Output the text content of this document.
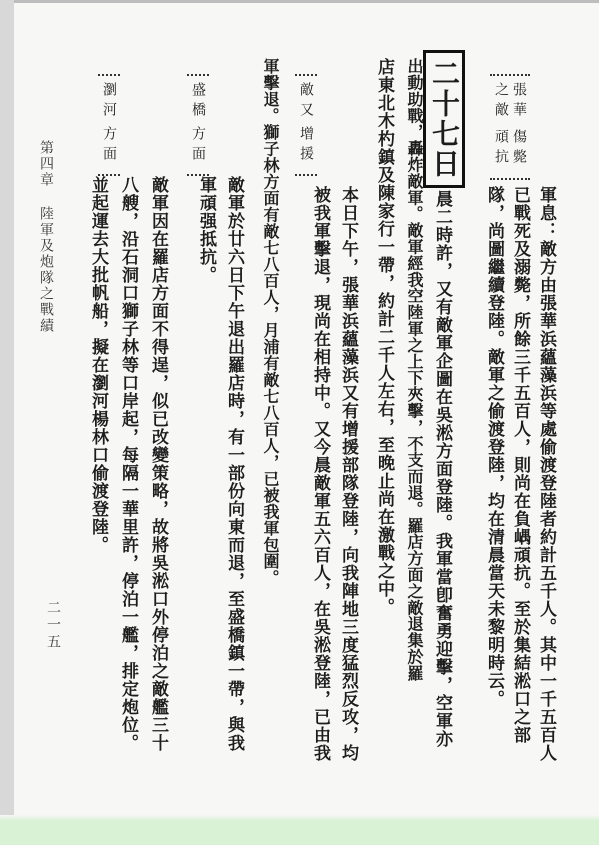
第四章陸軍及炮隊之戰績
二一五
二十七日	張華之敵
傷斃頑抗
敵又
增援
盛橋
方面
瀏河
方面
軍息：敵方由張華浜蘊藻浜等處偷渡登陸者約計五千人。其中一千五百人
已戰死及溺斃，所餘三千五百人，則尚在負嵎頑抗。至於集結淞口之部
隊，尚圖繼續登陸。敵軍之偷渡登陸，均在清晨當天未黎明時云。
晨二時許，又有敵軍企圖在吳淞方面登陸。我軍當卽奮勇迎擊，空軍亦
出動助戰，轟炸敵軍。敵軍經我空陸軍之上下夾擊，不支而退。羅店方面之敵退集於羅
店東北木杓鎮及陳家行一帶，約計二千人左右，至晚止尚在激戰之中。
本日下午，張華浜蘊藻浜又有增援部隊登陸，向我陣地三度猛烈反攻，均
被我軍擊退，現尚在相持中。又今晨敵軍五六百人，在吳淞登陸，已由我
軍擊退。獅子林方面有敵七八百人，月浦有敵七八百人，已被我軍包圍。
敵軍於廿六日下午退出羅店時，有一部份向東而退，至盛橋鎮一帶，與我
軍頑强抵抗。
敵軍因在羅店方面不得逞，似已改變策略，故將吳淞口外停泊之敵艦三十
八艘，沿石洞口獅子林等口岸起，每隔一華里許，停泊一艦，排定炮位。
並起運去大批帆船，擬在瀏河楊林口偷渡登陸。
